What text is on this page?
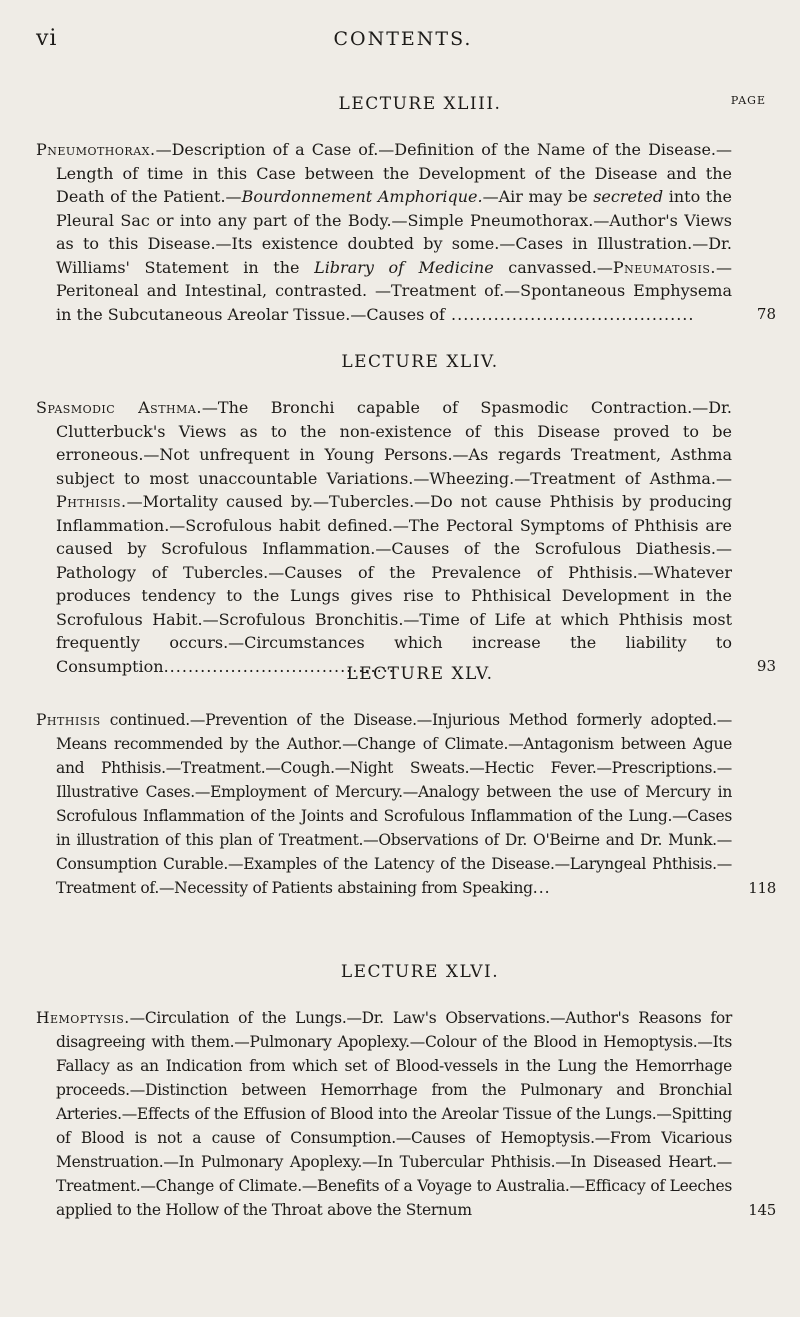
vi	CONTENTS.
LECTURE XLIII.	PAGE

Pneumothorax.—Description of a Case of.—Definition of the Name of the Disease.—Length of time in this Case between the Development of the Disease and the Death of the Patient.—Bourdonnement Amphorique.—Air may be secreted into the Pleural Sac or into any part of the Body.—Simple Pneumothorax.—Author's Views as to this Disease.—Its existence doubted by some.—Cases in Illustration.—Dr. Williams' Statement in the Library of Medicine canvassed.—Pneumatosis.—Peritoneal and Intestinal, contrasted. —Treatment of.—Spontaneous Emphysema in the Subcutaneous Areolar Tissue.—Causes of ........................................	78

LECTURE XLIV.

Spasmodic Asthma.—The Bronchi capable of Spasmodic Contraction.—Dr. Clutterbuck's Views as to the non-existence of this Disease proved to be erroneous.—Not unfrequent in Young Persons.—As regards Treatment, Asthma subject to most unaccountable Variations.—Wheezing.—Treatment of Asthma.—Phthisis.—Mortality caused by.—Tubercles.—Do not cause Phthisis by producing Inflammation.—Scrofulous habit defined.—The Pectoral Symptoms of Phthisis are caused by Scrofulous Inflammation.—Causes of the Scrofulous Diathesis.—Pathology of Tubercles.—Causes of the Prevalence of Phthisis.—Whatever produces tendency to the Lungs gives rise to Phthisical Development in the Scrofulous Habit.—Scrofulous Bronchitis.—Time of Life at which Phthisis most frequently occurs.—Circumstances which increase the liability to Consumption......................................	93

LECTURE XLV.

Phthisis continued.—Prevention of the Disease.—Injurious Method formerly adopted.—Means recommended by the Author.—Change of Climate.—Antagonism between Ague and Phthisis.—Treatment.—Cough.—Night Sweats.—Hectic Fever.—Prescriptions.—Illustrative Cases.—Employment of Mercury.—Analogy between the use of Mercury in Scrofulous Inflammation of the Joints and Scrofulous Inflammation of the Lung.—Cases in illustration of this plan of Treatment.—Observations of Dr. O'Beirne and Dr. Munk.—Consumption Curable.—Examples of the Latency of the Disease.—Laryngeal Phthisis.—Treatment of.—Necessity of Patients abstaining from Speaking...	118

LECTURE XLVI.

Hemoptysis.—Circulation of the Lungs.—Dr. Law's Observations.—Author's Reasons for disagreeing with them.—Pulmonary Apoplexy.—Colour of the Blood in Hemoptysis.—Its Fallacy as an Indication from which set of Blood-vessels in the Lung the Hemorrhage proceeds.—Distinction between Hemorrhage from the Pulmonary and Bronchial Arteries.—Effects of the Effusion of Blood into the Areolar Tissue of the Lungs.—Spitting of Blood is not a cause of Consumption.—Causes of Hemoptysis.—From Vicarious Menstruation.—In Pulmonary Apoplexy.—In Tubercular Phthisis.—In Diseased Heart.—Treatment.—Change of Climate.—Benefits of a Voyage to Australia.—Efficacy of Leeches applied to the Hollow of the Throat above the Sternum	145
